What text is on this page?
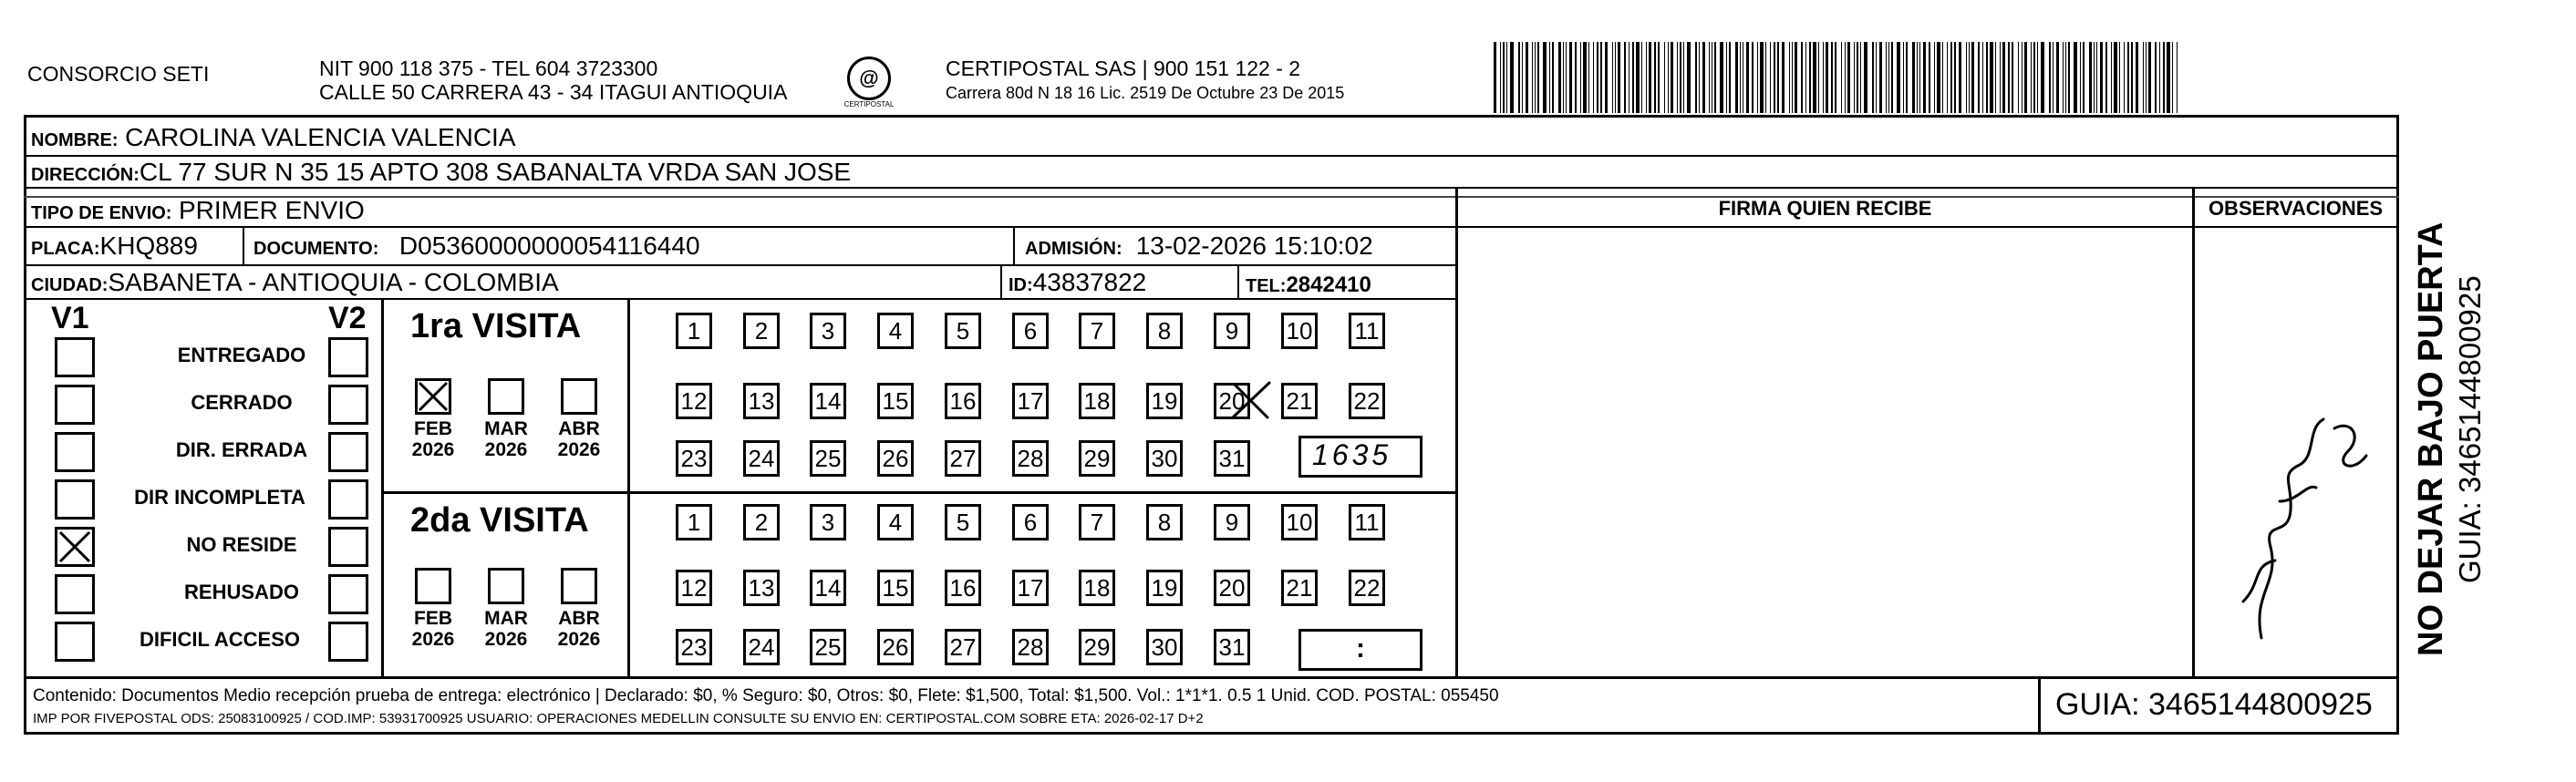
CONSORCIO SETI	NIT 900 118 375 - TEL 604 3723300
CALLE 50 CARRERA 43 - 34 ITAGUI ANTIOQUIA
@
CERTIPOSTAL
CERTIPOSTAL SAS | 900 151 122 - 2
Carrera 80d N 18 16 Lic. 2519 De Octubre 23 De 2015
NOMBRE: CAROLINA VALENCIA VALENCIA
DIRECCIÓN:CL 77 SUR N 35 15 APTO 308 SABANALTA VRDA SAN JOSE
TIPO DE ENVIO: PRIMER ENVIO
PLACA:KHQ889	DOCUMENTO: D05360000000054116440	ADMISIÓN: 13-02-2026 15:10:02
CIUDAD:SABANETA - ANTIOQUIA - COLOMBIA	ID:43837822	TEL:2842410
FIRMA QUIEN RECIBE	OBSERVACIONES
V1	V2
ENTREGADO
CERRADO
DIR. ERRADA
DIR INCOMPLETA
NO RESIDE
REHUSADO
DIFICIL ACCESO
1ra VISITA
2da VISITA
FEB
2026
MAR
2026
ABR
2026
FEB
2026
MAR
2026
ABR
2026
1	2	3	4	5	6	7	8	9	10 11
12 13 14 15 16 17 18 19 20 21 22
23 24 25 26 27 28 29 30 31
1	2	3	4	5	6	7	8	9	10 11
12 13 14 15 16 17 18 19 20 21 22
23 24 25 26 27 28 29 30 31
1635
:
Contenido: Documentos Medio recepción prueba de entrega: electrónico | Declarado: $0, % Seguro: $0, Otros: $0, Flete: $1,500, Total: $1,500. Vol.: 1*1*1. 0.5 1 Unid. COD. POSTAL: 055450
IMP POR FIVEPOSTAL ODS: 25083100925 / COD.IMP: 53931700925 USUARIO: OPERACIONES MEDELLIN CONSULTE SU ENVIO EN: CERTIPOSTAL.COM SOBRE ETA: 2026-02-17 D+2	GUIA: 3465144800925
NO DEJAR BAJO PUERTA GUIA: 3465144800925
